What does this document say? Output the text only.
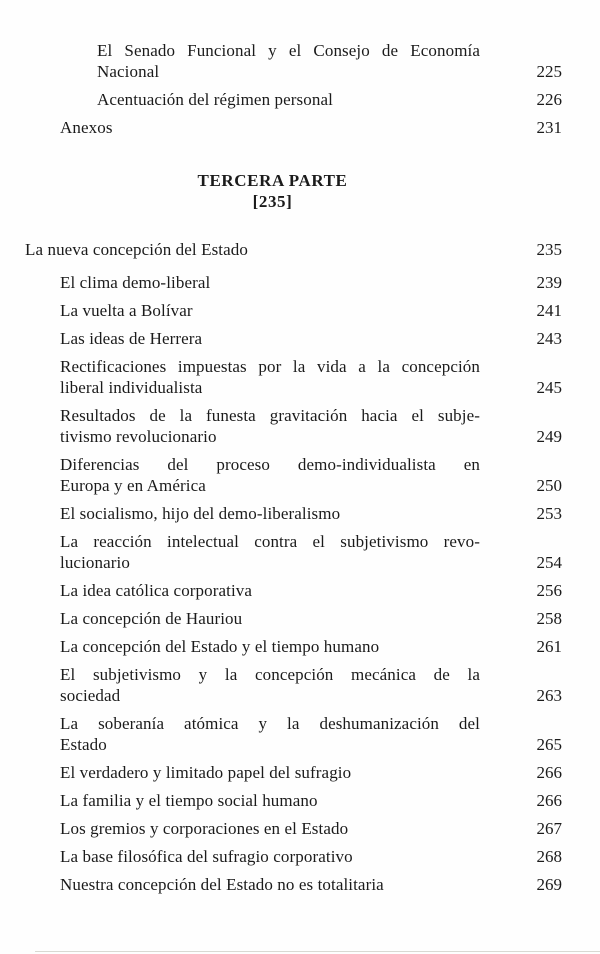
El Senado Funcional y el Consejo de Economía
Nacional	225
Acentuación del régimen personal	226
Anexos	231
TERCERA PARTE
[235]
La nueva concepción del Estado	235
El clima demo-liberal	239
La vuelta a Bolívar	241
Las ideas de Herrera	243
Rectificaciones impuestas por la vida a la concepción
liberal individualista	245
Resultados de la funesta gravitación hacia el subje-
tivismo revolucionario	249
Diferencias del proceso demo-individualista en
Europa y en América	250
El socialismo, hijo del demo-liberalismo	253
La reacción intelectual contra el subjetivismo revo-
lucionario	254
La idea católica corporativa	256
La concepción de Hauriou	258
La concepción del Estado y el tiempo humano	261
El subjetivismo y la concepción mecánica de la
sociedad	263
La soberanía atómica y la deshumanización del
Estado	265
El verdadero y limitado papel del sufragio	266
La familia y el tiempo social humano	266
Los gremios y corporaciones en el Estado	267
La base filosófica del sufragio corporativo	268
Nuestra concepción del Estado no es totalitaria	269
